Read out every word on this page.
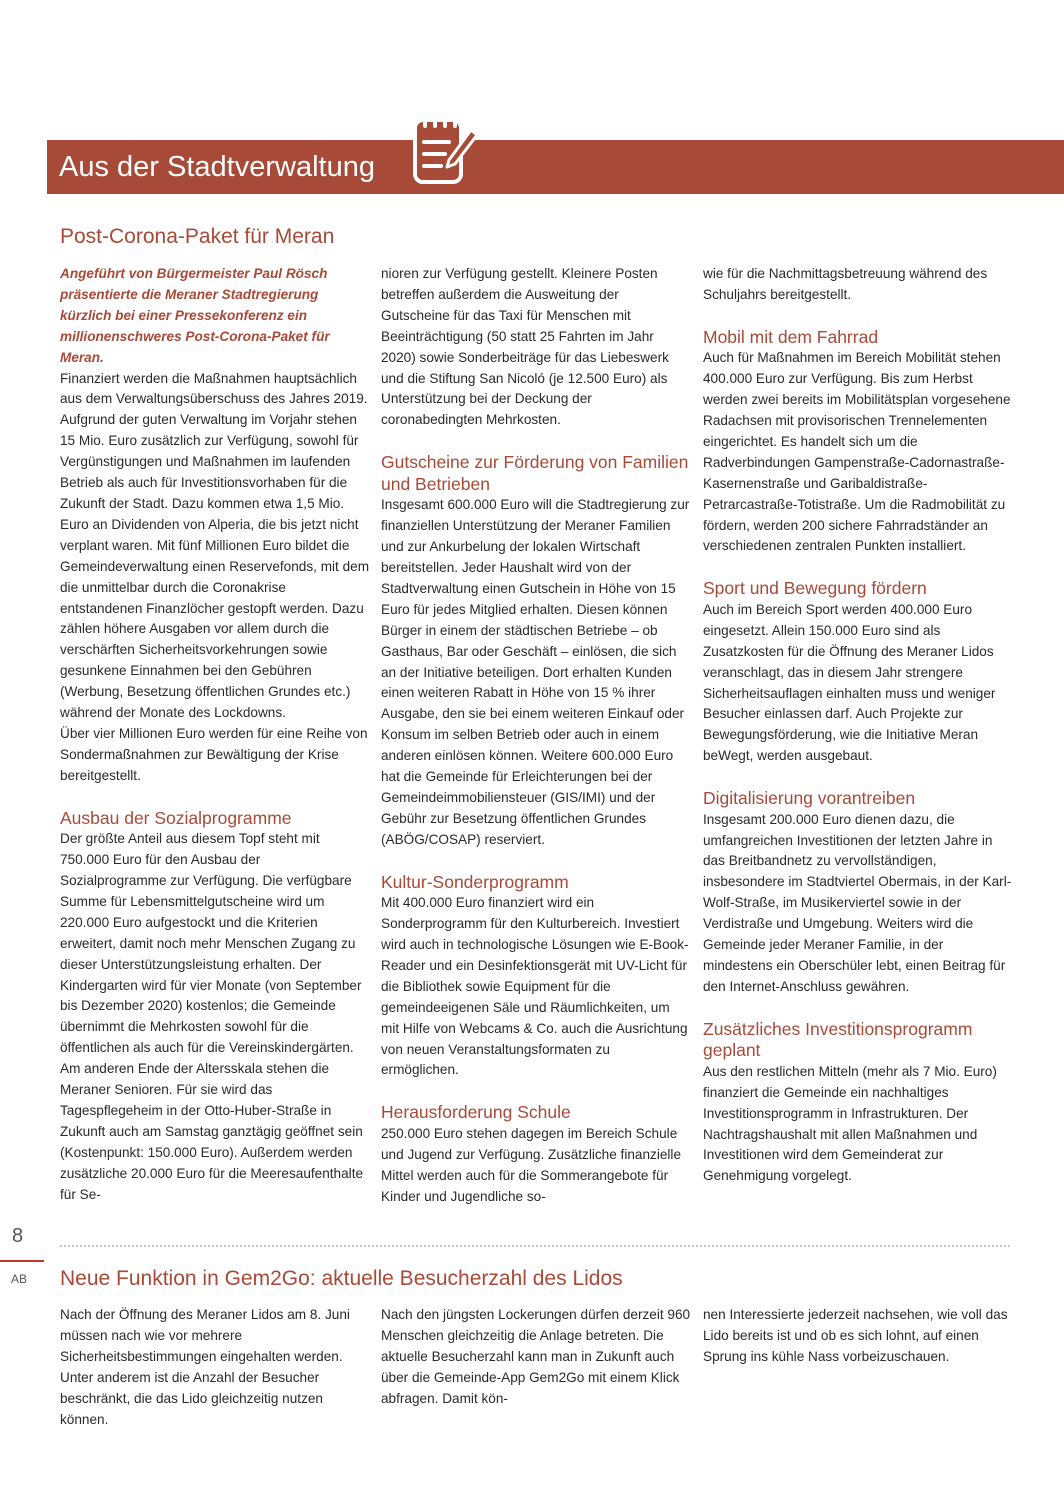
Aus der Stadtverwaltung
Post-Corona-Paket für Meran

Angeführt von Bürgermeister Paul Rösch präsentierte die Meraner Stadtregierung kürzlich bei einer Pressekonferenz ein millionenschweres Post-Corona-Paket für Meran.

Finanziert werden die Maßnahmen hauptsächlich aus dem Verwaltungsüberschuss des Jahres 2019. Aufgrund der guten Verwaltung im Vorjahr stehen 15 Mio. Euro zusätzlich zur Verfügung, sowohl für Vergünstigungen und Maßnahmen im laufenden Betrieb als auch für Investitionsvorhaben für die Zukunft der Stadt. Dazu kommen etwa 1,5 Mio. Euro an Dividenden von Alperia, die bis jetzt nicht verplant waren. Mit fünf Millionen Euro bildet die Gemeindeverwaltung einen Reservefonds, mit dem die unmittelbar durch die Coronakrise entstandenen Finanzlöcher gestopft werden. Dazu zählen höhere Ausgaben vor allem durch die verschärften Sicherheitsvorkehrungen sowie gesunkene Einnahmen bei den Gebühren (Werbung, Besetzung öffentlichen Grundes etc.) während der Monate des Lockdowns.

Über vier Millionen Euro werden für eine Reihe von Sondermaßnahmen zur Bewältigung der Krise bereitgestellt.

Ausbau der Sozialprogramme

Der größte Anteil aus diesem Topf steht mit 750.000 Euro für den Ausbau der Sozialprogramme zur Verfügung. Die verfügbare Summe für Lebensmittelgutscheine wird um 220.000 Euro aufgestockt und die Kriterien erweitert, damit noch mehr Menschen Zugang zu dieser Unterstützungsleistung erhalten. Der Kindergarten wird für vier Monate (von September bis Dezember 2020) kostenlos; die Gemeinde übernimmt die Mehrkosten sowohl für die öffentlichen als auch für die Vereinskindergärten. Am anderen Ende der Altersskala stehen die Meraner Senioren. Für sie wird das Tagespflegeheim in der Otto-Huber-Straße in Zukunft auch am Samstag ganztägig geöffnet sein (Kostenpunkt: 150.000 Euro). Außerdem werden zusätzliche 20.000 Euro für die Meeresaufenthalte für Se-

nioren zur Verfügung gestellt. Kleinere Posten betreffen außerdem die Ausweitung der Gutscheine für das Taxi für Menschen mit Beeinträchtigung (50 statt 25 Fahrten im Jahr 2020) sowie Sonderbeiträge für das Liebeswerk und die Stiftung San Nicoló (je 12.500 Euro) als Unterstützung bei der Deckung der coronabedingten Mehrkosten.

Gutscheine zur Förderung von Familien und Betrieben

Insgesamt 600.000 Euro will die Stadtregierung zur finanziellen Unterstützung der Meraner Familien und zur Ankurbelung der lokalen Wirtschaft bereitstellen. Jeder Haushalt wird von der Stadtverwaltung einen Gutschein in Höhe von 15 Euro für jedes Mitglied erhalten. Diesen können Bürger in einem der städtischen Betriebe – ob Gasthaus, Bar oder Geschäft – einlösen, die sich an der Initiative beteiligen. Dort erhalten Kunden einen weiteren Rabatt in Höhe von 15 % ihrer Ausgabe, den sie bei einem weiteren Einkauf oder Konsum im selben Betrieb oder auch in einem anderen einlösen können. Weitere 600.000 Euro hat die Gemeinde für Erleichterungen bei der Gemeindeimmobiliensteuer (GIS/IMI) und der Gebühr zur Besetzung öffentlichen Grundes (ABÖG/COSAP) reserviert.

Kultur-Sonderprogramm

Mit 400.000 Euro finanziert wird ein Sonderprogramm für den Kulturbereich. Investiert wird auch in technologische Lösungen wie E-Book-Reader und ein Desinfektionsgerät mit UV-Licht für die Bibliothek sowie Equipment für die gemeindeeigenen Säle und Räumlichkeiten, um mit Hilfe von Webcams & Co. auch die Ausrichtung von neuen Veranstaltungsformaten zu ermöglichen.

Herausforderung Schule

250.000 Euro stehen dagegen im Bereich Schule und Jugend zur Verfügung. Zusätzliche finanzielle Mittel werden auch für die Sommerangebote für Kinder und Jugendliche so-

wie für die Nachmittagsbetreuung während des Schuljahrs bereitgestellt.

Mobil mit dem Fahrrad

Auch für Maßnahmen im Bereich Mobilität stehen 400.000 Euro zur Verfügung. Bis zum Herbst werden zwei bereits im Mobilitätsplan vorgesehene Radachsen mit provisorischen Trennelementen eingerichtet. Es handelt sich um die Radverbindungen Gampenstraße-Cadornastraße-Kasernenstraße und Garibaldistraße-Petrarcastraße-Totistraße. Um die Radmobilität zu fördern, werden 200 sichere Fahrradständer an verschiedenen zentralen Punkten installiert.

Sport und Bewegung fördern

Auch im Bereich Sport werden 400.000 Euro eingesetzt. Allein 150.000 Euro sind als Zusatzkosten für die Öffnung des Meraner Lidos veranschlagt, das in diesem Jahr strengere Sicherheitsauflagen einhalten muss und weniger Besucher einlassen darf. Auch Projekte zur Bewegungsförderung, wie die Initiative Meran beWegt, werden ausgebaut.

Digitalisierung vorantreiben

Insgesamt 200.000 Euro dienen dazu, die umfangreichen Investitionen der letzten Jahre in das Breitbandnetz zu vervollständigen, insbesondere im Stadtviertel Obermais, in der Karl-Wolf-Straße, im Musikerviertel sowie in der Verdistraße und Umgebung. Weiters wird die Gemeinde jeder Meraner Familie, in der mindestens ein Oberschüler lebt, einen Beitrag für den Internet-Anschluss gewähren.

Zusätzliches Investitionsprogramm geplant

Aus den restlichen Mitteln (mehr als 7 Mio. Euro) finanziert die Gemeinde ein nachhaltiges Investitionsprogramm in Infrastrukturen. Der Nachtragshaushalt mit allen Maßnahmen und Investitionen wird dem Gemeinderat zur Genehmigung vorgelegt.

8
AB Neue Funktion in Gem2Go: aktuelle Besucherzahl des Lidos

Nach der Öffnung des Meraner Lidos am 8. Juni müssen nach wie vor mehrere Sicherheitsbestimmungen eingehalten werden. Unter anderem ist die Anzahl der Besucher beschränkt, die das Lido gleichzeitig nutzen können.

Nach den jüngsten Lockerungen dürfen derzeit 960 Menschen gleichzeitig die Anlage betreten. Die aktuelle Besucherzahl kann man in Zukunft auch über die Gemeinde-App Gem2Go mit einem Klick abfragen. Damit kön-

nen Interessierte jederzeit nachsehen, wie voll das Lido bereits ist und ob es sich lohnt, auf einen Sprung ins kühle Nass vorbeizuschauen.
